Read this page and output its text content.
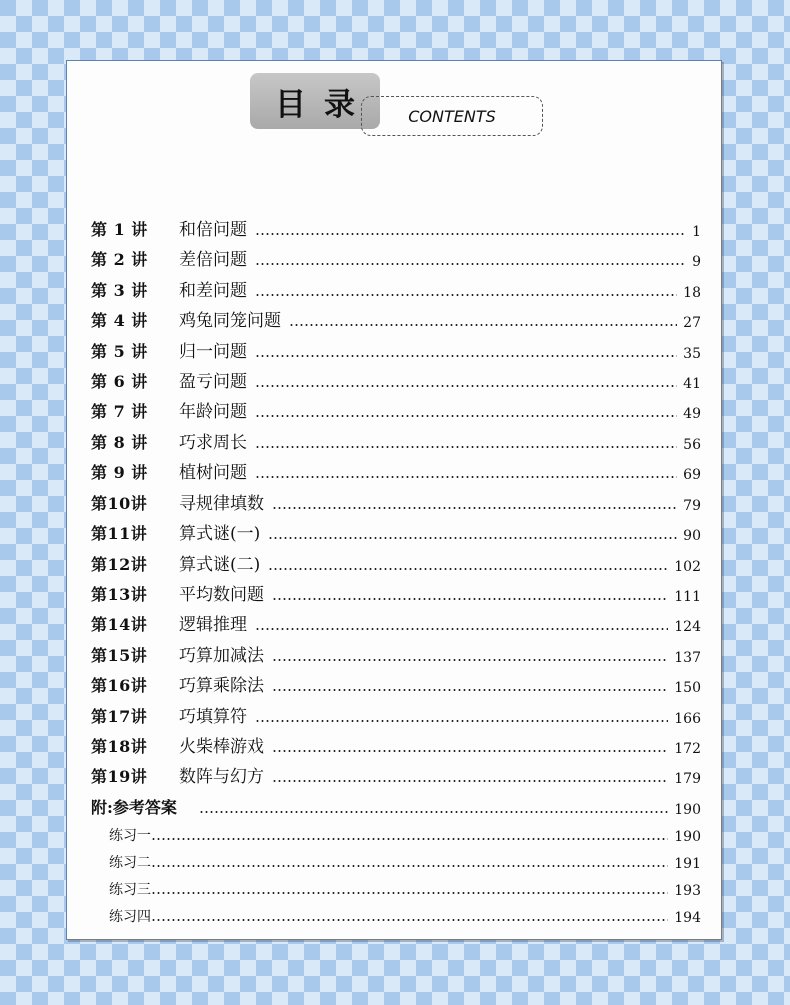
目录 CONTENTS
第 1 讲	和倍问题	1
第 2 讲	差倍问题	9
第 3 讲	和差问题	18
第 4 讲	鸡兔同笼问题	27
第 5 讲	归一问题	35
第 6 讲	盈亏问题	41
第 7 讲	年龄问题	49
第 8 讲	巧求周长	56
第 9 讲	植树问题	69
第10讲	寻规律填数	79
第11讲	算式谜(一)	90
第12讲	算式谜(二)	102
第13讲	平均数问题	111
第14讲	逻辑推理	124
第15讲	巧算加减法	137
第16讲	巧算乘除法	150
第17讲	巧填算符	166
第18讲	火柴棒游戏	172
第19讲	数阵与幻方	179
附:参考答案	190
练习一	190
练习二	191
练习三	193
练习四	194
